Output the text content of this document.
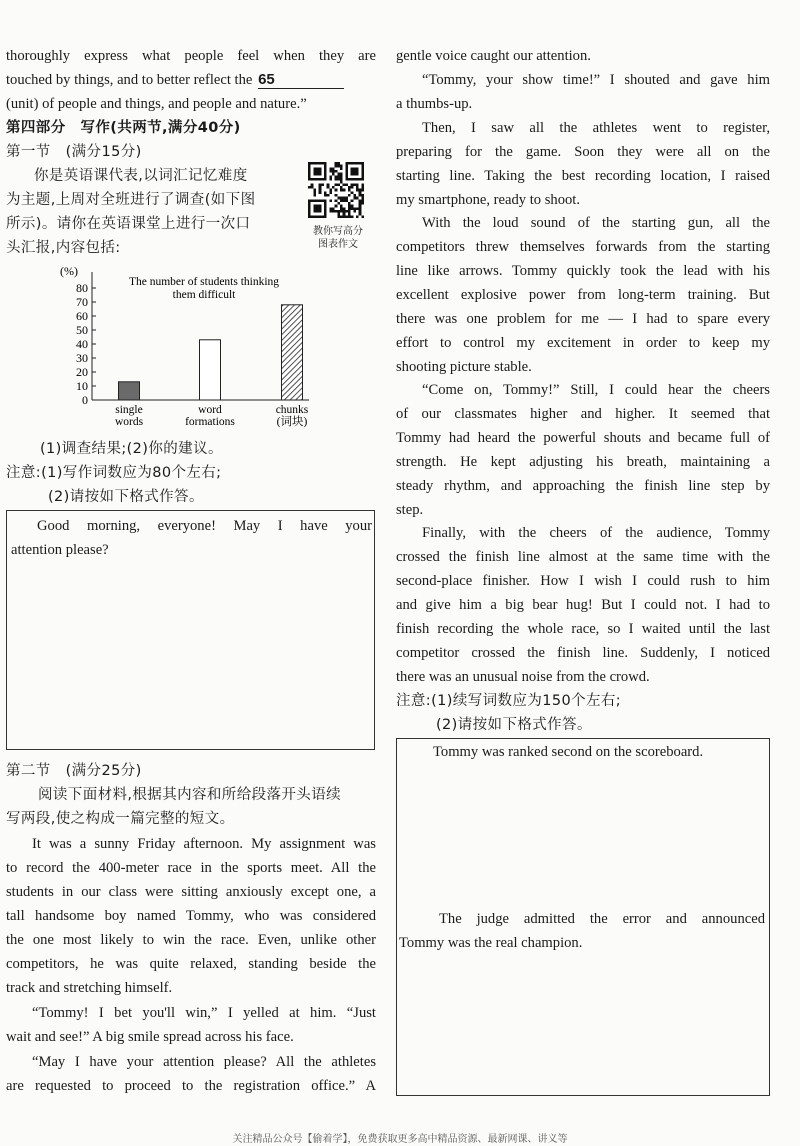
thoroughly express what people feel when they are

touched by things, and to better reflect the 65

(unit) of people and things, and people and nature.”

第四部分　写作(共两节,满分40分)

第一节　(满分15分)

你是英语课代表,以词汇记忆难度

为主题,上周对全班进行了调查(如下图

所示)。请你在英语课堂上进行一次口

头汇报,内容包括:

(%)
The number of students thinking
them difficult
0
10
20
30
40
50
60
70
80
single
words
word
formations
chunks
(词块)
教你写高分
图表作文

(1)调查结果;(2)你的建议。

注意:(1)写作词数应为80个左右;

(2)请按如下格式作答。

Good morning, everyone! May I have your

attention please?

第二节　(满分25分)

阅读下面材料,根据其内容和所给段落开头语续

写两段,使之构成一篇完整的短文。

It was a sunny Friday afternoon. My assignment was

to record the 400-meter race in the sports meet. All the

students in our class were sitting anxiously except one, a

tall handsome boy named Tommy, who was considered

the one most likely to win the race. Even, unlike other

competitors, he was quite relaxed, standing beside the

track and stretching himself.

“Tommy! I bet you'll win,” I yelled at him. “Just

wait and see!” A big smile spread across his face.

“May I have your attention please? All the athletes

are requested to proceed to the registration office.” A

gentle voice caught our attention.

“Tommy, your show time!” I shouted and gave him

a thumbs-up.

Then, I saw all the athletes went to register,

preparing for the game. Soon they were all on the

starting line. Taking the best recording location, I raised

my smartphone, ready to shoot.

With the loud sound of the starting gun, all the

competitors threw themselves forwards from the starting

line like arrows. Tommy quickly took the lead with his

excellent explosive power from long-term training. But

there was one problem for me — I had to spare every

effort to control my excitement in order to keep my

shooting picture stable.

“Come on, Tommy!” Still, I could hear the cheers

of our classmates higher and higher. It seemed that

Tommy had heard the powerful shouts and became full of

strength. He kept adjusting his breath, maintaining a

steady rhythm, and approaching the finish line step by

step.

Finally, with the cheers of the audience, Tommy

crossed the finish line almost at the same time with the

second-place finisher. How I wish I could rush to him

and give him a big bear hug! But I could not. I had to

finish recording the whole race, so I waited until the last

competitor crossed the finish line. Suddenly, I noticed

there was an unusual noise from the crowd.

注意:(1)续写词数应为150个左右;

(2)请按如下格式作答。

Tommy was ranked second on the scoreboard.

The judge admitted the error and announced

Tommy was the real champion.

关注精品公众号【偷着学】，免费获取更多高中精品资源、最新网课、讲义等
